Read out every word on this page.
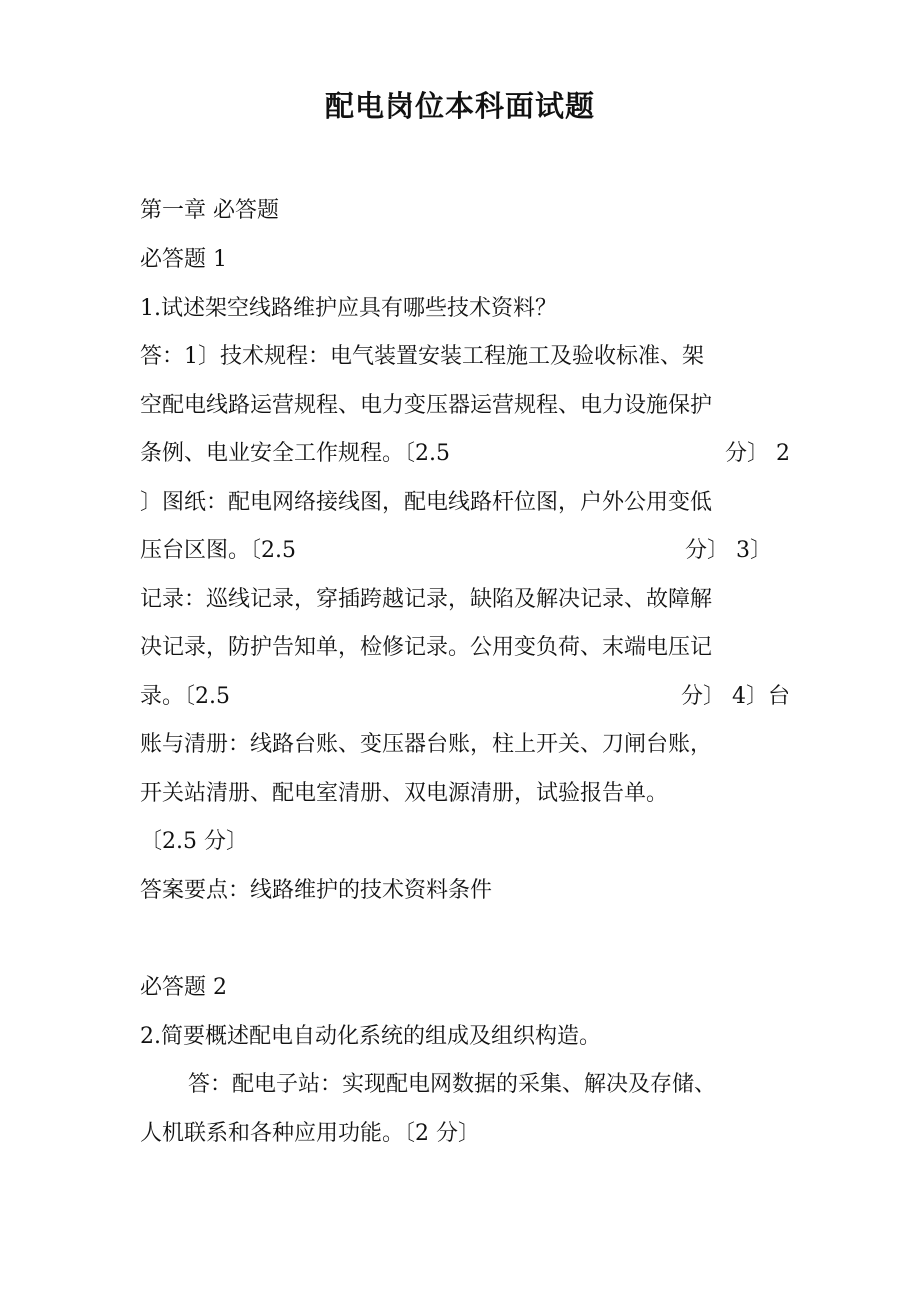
配电岗位本科面试题
第一章 必答题
必答题 1
1.试述架空线路维护应具有哪些技术资料？
答：1〕技术规程：电气装置安装工程施工及验收标准、架
空配电线路运营规程、电力变压器运营规程、电力设施保护
条例、电业安全工作规程。〔2.5	分〕 2
〕图纸：配电网络接线图，配电线路杆位图，户外公用变低
压台区图。〔2.5	分〕 3〕
记录：巡线记录，穿插跨越记录，缺陷及解决记录、故障解
决记录，防护告知单，检修记录。公用变负荷、末端电压记
录。〔2.5	分〕 4〕台
账与清册：线路台账、变压器台账，柱上开关、刀闸台账，
开关站清册、配电室清册、双电源清册，试验报告单。
〔2.5 分〕
答案要点：线路维护的技术资料条件
必答题 2
2.简要概述配电自动化系统的组成及组织构造。
答：配电子站：实现配电网数据的采集、解决及存储、
人机联系和各种应用功能。〔2 分〕
